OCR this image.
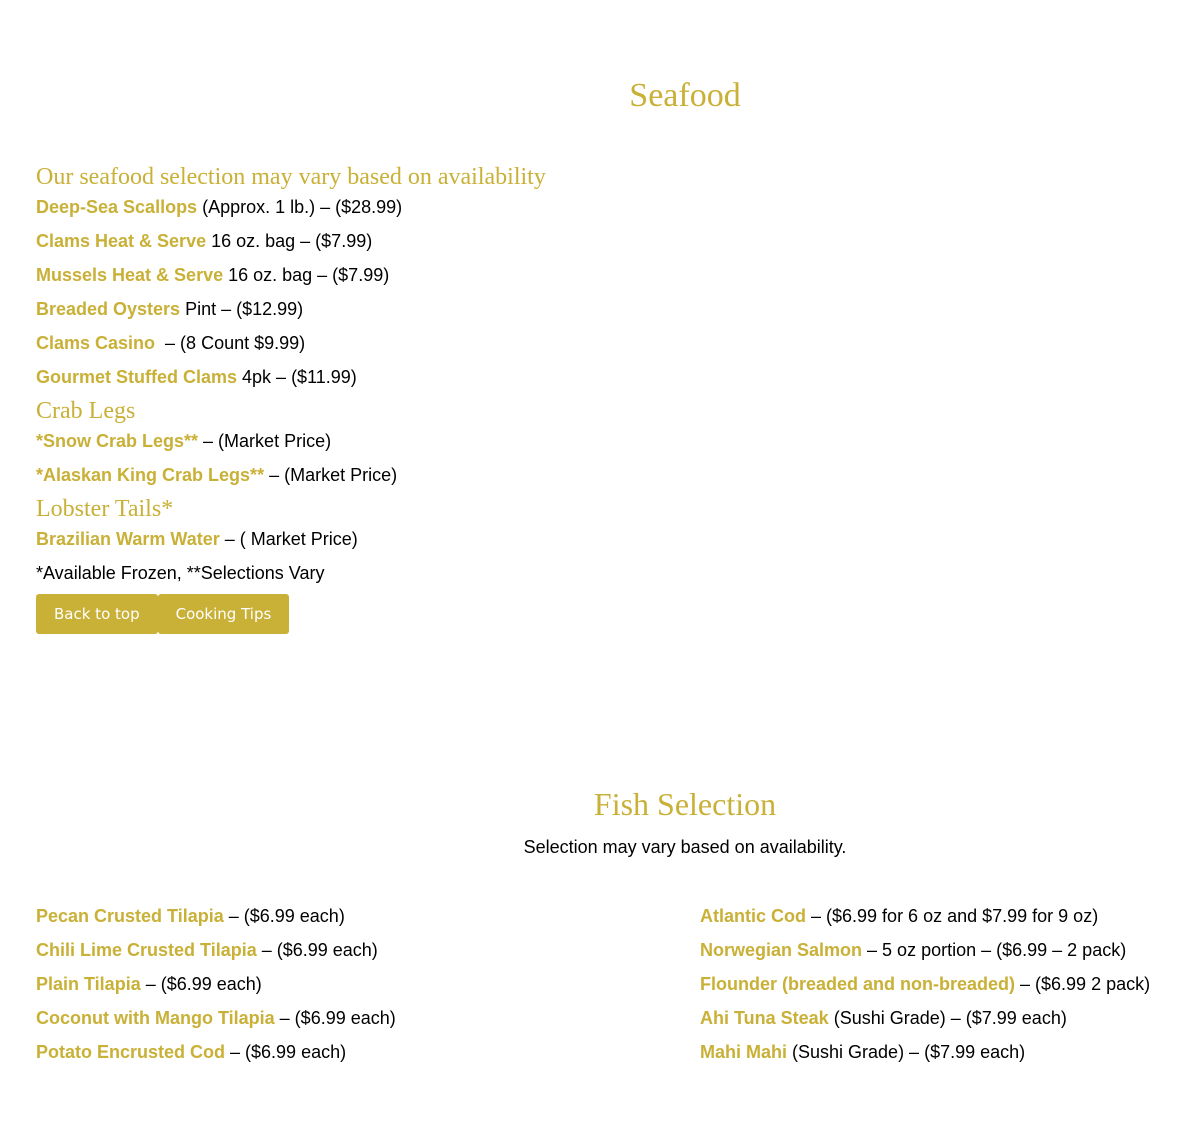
Seafood
Our seafood selection may vary based on availability

Deep-Sea Scallops (Approx. 1 lb.) – ($28.99)

Clams Heat & Serve 16 oz. bag – ($7.99)

Mussels Heat & Serve 16 oz. bag – ($7.99)

Breaded Oysters Pint – ($12.99)

Clams Casino  – (8 Count $9.99)

Gourmet Stuffed Clams 4pk – ($11.99)

Crab Legs

*Snow Crab Legs** – (Market Price)

*Alaskan King Crab Legs** – (Market Price)

Lobster Tails*

Brazilian Warm Water – ( Market Price)

*Available Frozen, **Selections Vary

Back to top	Cooking Tips
Fish Selection

Selection may vary based on availability.

Pecan Crusted Tilapia – ($6.99 each)

Chili Lime Crusted Tilapia – ($6.99 each)

Plain Tilapia – ($6.99 each)

Coconut with Mango Tilapia – ($6.99 each)

Potato Encrusted Cod – ($6.99 each)

Atlantic Cod – ($6.99 for 6 oz and $7.99 for 9 oz)

Norwegian Salmon – 5 oz portion – ($6.99 – 2 pack)

Flounder (breaded and non-breaded) – ($6.99 2 pack)

Ahi Tuna Steak (Sushi Grade) – ($7.99 each)

Mahi Mahi (Sushi Grade) – ($7.99 each)
